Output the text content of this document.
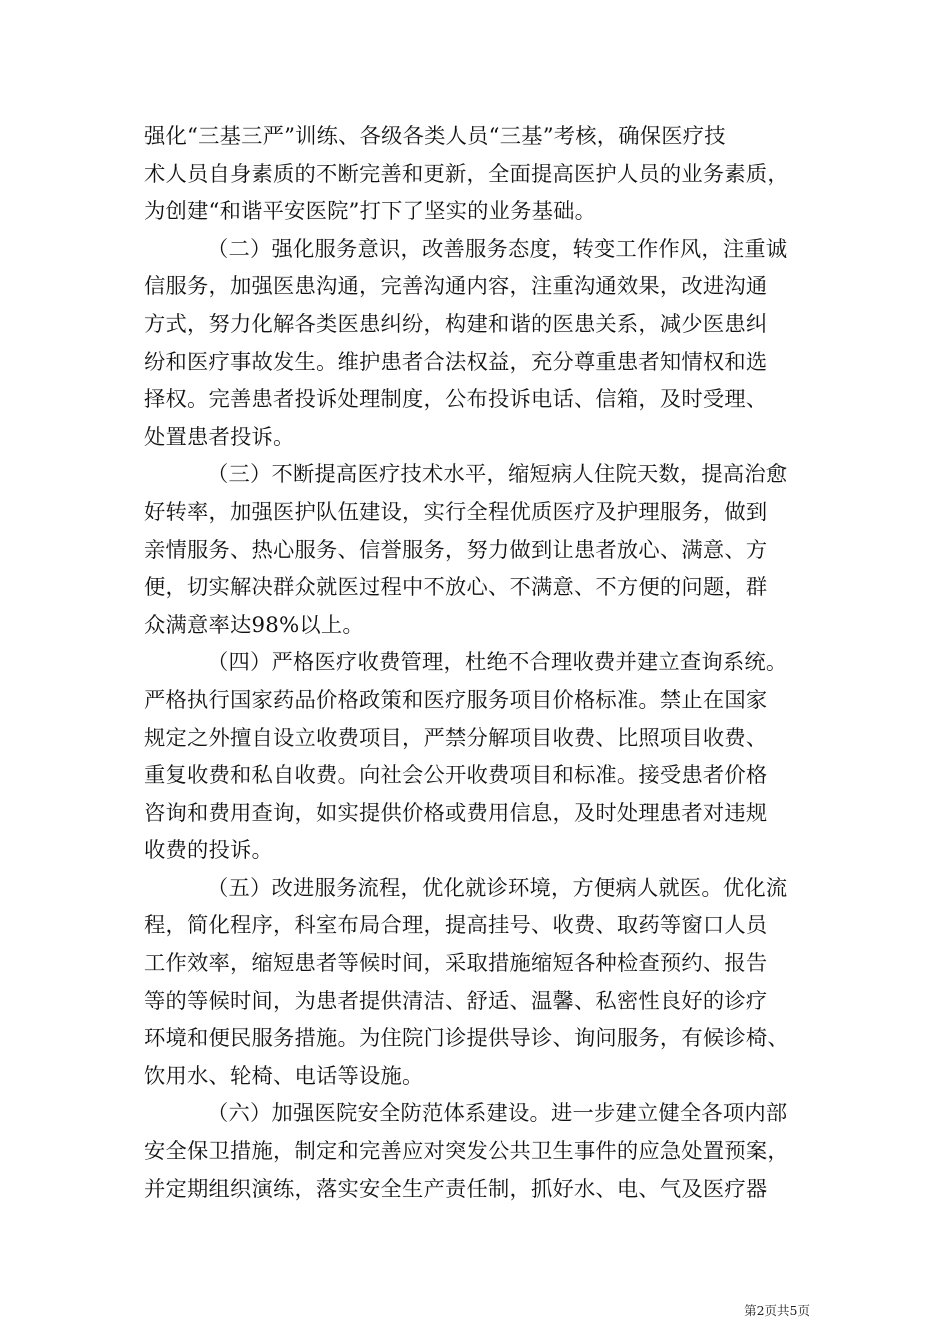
强化“三基三严”训练、各级各类人员“三基”考核，确保医疗技
术人员自身素质的不断完善和更新，全面提高医护人员的业务素质，
为创建“和谐平安医院”打下了坚实的业务基础。

（二）强化服务意识，改善服务态度，转变工作作风，注重诚
信服务，加强医患沟通，完善沟通内容，注重沟通效果，改进沟通
方式，努力化解各类医患纠纷，构建和谐的医患关系，减少医患纠
纷和医疗事故发生。维护患者合法权益，充分尊重患者知情权和选
择权。完善患者投诉处理制度，公布投诉电话、信箱，及时受理、
处置患者投诉。

（三）不断提高医疗技术水平，缩短病人住院天数，提高治愈
好转率，加强医护队伍建设，实行全程优质医疗及护理服务，做到
亲情服务、热心服务、信誉服务，努力做到让患者放心、满意、方
便，切实解决群众就医过程中不放心、不满意、不方便的问题，群
众满意率达98%以上。

（四）严格医疗收费管理，杜绝不合理收费并建立查询系统。
严格执行国家药品价格政策和医疗服务项目价格标准。禁止在国家
规定之外擅自设立收费项目，严禁分解项目收费、比照项目收费、
重复收费和私自收费。向社会公开收费项目和标准。接受患者价格
咨询和费用查询，如实提供价格或费用信息，及时处理患者对违规
收费的投诉。

（五）改进服务流程，优化就诊环境，方便病人就医。优化流
程，简化程序，科室布局合理，提高挂号、收费、取药等窗口人员
工作效率，缩短患者等候时间，采取措施缩短各种检查预约、报告
等的等候时间，为患者提供清洁、舒适、温馨、私密性良好的诊疗
环境和便民服务措施。为住院门诊提供导诊、询问服务，有候诊椅、
饮用水、轮椅、电话等设施。

（六）加强医院安全防范体系建设。进一步建立健全各项内部
安全保卫措施，制定和完善应对突发公共卫生事件的应急处置预案，
并定期组织演练，落实安全生产责任制，抓好水、电、气及医疗器

第2页共5页
